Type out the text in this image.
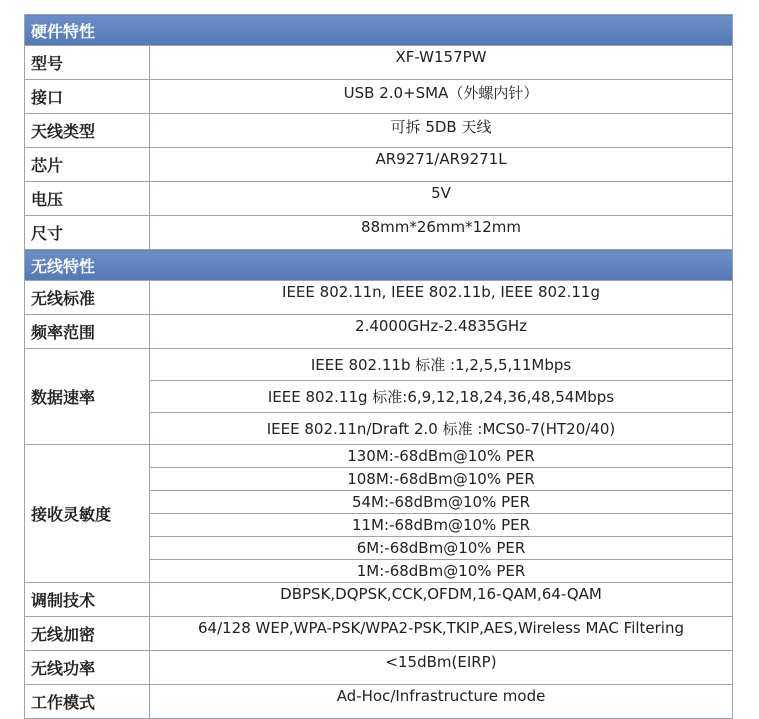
硬件特性	
型号	XF-W157PW
接口	USB 2.0+SMA（外螺内针）
天线类型	可拆 5DB 天线
芯片	AR9271/AR9271L
电压	5V
尺寸	88mm*26mm*12mm
无线特性	
无线标准	IEEE 802.11n, IEEE 802.11b, IEEE 802.11g
频率范围	2.4000GHz-2.4835GHz
数据速率	IEEE 802.11b 标准 :1,2,5,5,11Mbps
	IEEE 802.11g 标准:6,9,12,18,24,36,48,54Mbps
	IEEE 802.11n/Draft 2.0 标准 :MCS0-7(HT20/40)
接收灵敏度	130M:-68dBm@10% PER
	108M:-68dBm@10% PER
	54M:-68dBm@10% PER
	11M:-68dBm@10% PER
	6M:-68dBm@10% PER
	1M:-68dBm@10% PER
调制技术	DBPSK,DQPSK,CCK,OFDM,16-QAM,64-QAM
无线加密	64/128 WEP,WPA-PSK/WPA2-PSK,TKIP,AES,Wireless MAC Filtering
无线功率	<15dBm(EIRP)
工作模式	Ad-Hoc/Infrastructure mode
